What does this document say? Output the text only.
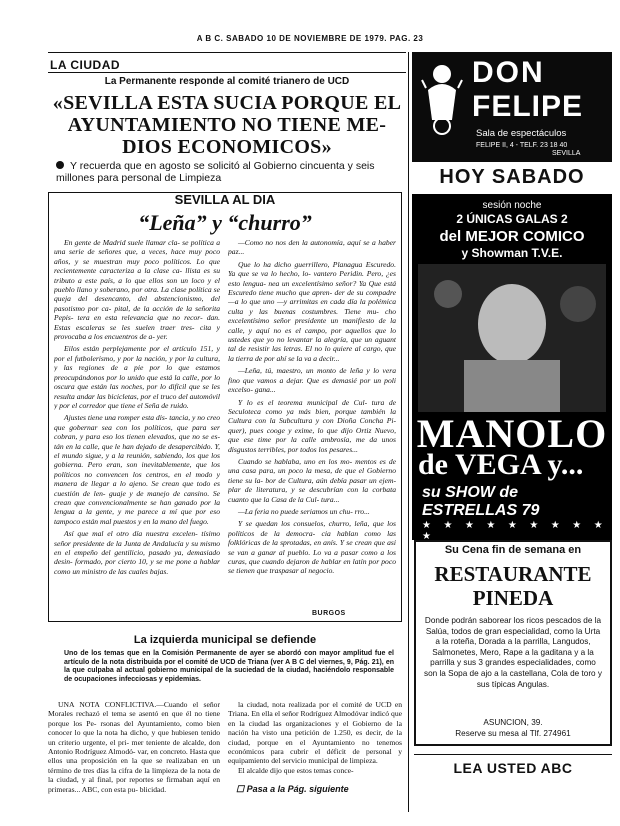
A B C. SABADO 10 DE NOVIEMBRE DE 1979. PAG. 23
LA CIUDAD
La Permanente responde al comité trianero de UCD
«SEVILLA ESTA SUCIA PORQUE EL
AYUNTAMIENTO NO TIENE ME-
DIOS ECONOMICOS»
Y recuerda que en agosto se solicitó al Gobierno cincuenta y seis millones para personal de Limpieza
SEVILLA AL DIA
“Leña” y “churro”

En gente de Madrid suele llamar cla- se política a una serie de señores que, a veces, hace muy poco años, y se muestran muy poco políticos. Lo que recientemente caracteriza a la clase ca- llista es su tributo a este país, a lo que ellos son un loco y el pueblo llano y soberano, por otra. La clase política se queja del desencanto, del abstencionismo, del pasotismo por ca- pital, de la acción de la señorita Pepis- tera en esta relevancia que no recor- dan. Estas escaleras se les suelen traer tres- cita y provocaba a los encuentros de a- yer.

Eilos están perplejamente por el artículo 151, y por el futbolerismo, y por la nación, y por la cultura, y las regiones de a pie por lo que estamos preocupándonos por lo unido que está la calle, por lo oscura que están las noches, por lo difícil que se les resulta andar las bicicletas, por el truco del automóvil y por el corredor que tiene el Seña de ruido.

Ajustes tiene una romper esta dis- tancia, y no creo que gobernar sea con los políticos, que para ser cobran, y para eso los tienen elevados, que no se es- tán en la calle, que le han dejado de desapercibido. Y, el mundo sigue, y a la reunión, sabiendo, los que los gobierna. Pero eran, son inevitablemente, que los políticos no convencen los centros, en el modo y manera de llegar a lo ajeno. Se crean que todo es cuestión de len- guaje y de manejo de cansino. Se crean que convencionalmente se han ganado por la lengua a la gente, y me parece a mí que por eso tampoco están mal puestos y en la mano del fuego.

Así que mal el otro día nuestra excelen- tísimo señor presidente de la Junta de Andalucía y su mismo en el empeño del gentilicio, pasado ya, demasiado desin- formado, por cierto 10, y se me pone a hablar como un ministro de las cuales bajas.

—Como no nos den la autonomía, aquí se a haber paz...

Que lo ha dicho guerrillero, Planagua Escuredo. Ya que se va lo hecho, lo- vantero Peridin. Pero, ¿es esto lengua- nea un excelentísimo señor? Ya Que está Escuredo tiene mucho que apren- der de su compadre —a lo que uno —y arrimitas en cada día la polémica culta y las buenas costumbres. Tiene mu- cho excelentísimo señor presidente un manifiesto de la calle, y aquí no es el campo, por aquellos que lo ustedes que yo no levantar la alegría, que un aguant tal de resistir las letras. El no lo quiere al cargo, que la tierra de por ahí se la va a decir...

—Leña, tú, maestro, un monto de leña y lo vera fino que vamos a dejar. Que es demasié por un poli excelso- gana...

Y lo es el teorema municipal de Cul- tura de Seculoteca como ya más bien, porque también la Cultura con la Subcultura y con Dioña Concha Pi- quer), pues cooge y exime, lo que dijo Ortiz Nuevo, que ese time por la calle ambrosía, me da unos disgustos terribles, por todos los pesares...

Cuando se hablaba, uno en los mo- mentos es de una casa para, un poco la mesa, de que el Gobierno tiene su la- bor de Cultura, aún debía pasar un ejem- plar de literatura, y se descubrían con la corbata cuanto que la Casa de la Cul- tura...

—La feria no puede seriamos un chu- rro...

Y se quedan los consuelos, churro, leña, que los políticos de la democra- cia hablan como las folklóricas de la sprotadas, en anís. Y se crean que así se van a ganar al pueblo. Lo va a pasar como a los curas, que cuando dejaron de hablar en latín por poco se tienen que traspasar al negocio.

BURGOS
La izquierda municipal se defiende
Uno de los temas que en la Comisión Permanente de ayer se abordó con mayor amplitud fue el artículo de la nota distribuida por el comité de UCD de Triana (ver A B C del viernes, 9, Pág. 21), en la que culpaba al actual gobierno municipal de la suciedad de la ciudad, haciéndolo responsable de ocupaciones infecciosas y epidemias.

UNA NOTA CONFLICTIVA.—Cuando el señor Morales rechazó el tema se asentó en que él no tiene porque los Pe- rsonas del Ayuntamiento, como bien conocer lo que la nota ha dicho, y que hubiesen tenido un criterio urgente, el pri- mer teniente de alcalde, don Antonio Rodríguez Almodó- var, en concreto. Hasta que ellos una proposición en la que se realizaban en un término de tres días la cifra de la limpieza de la nota de la ciudad, y al final, por reportes se firmaban aquí en primeras... ABC, con esta pu- blicidad.

la ciudad, nota realizada por el comité de UCD en Triana. En ella el señor Rodríguez Almodóvar indicó que en la ciudad las organizaciones y el Gobierno de la nación ha visto una petición de 1.250, es decir, de la ciudad, porque en el Ayuntamiento no tenemos económicos para cubrir el déficit de personal y equipamiento del servicio municipal de limpieza.

El alcalde dijo que estos temas conce-

☐ Pasa a la Pág. siguiente
DON
FELIPE
Sala de espectáculos
FELIPE II, 4 - TELF. 23 18 40
SEVILLA
HOY SABADO
sesión noche
2 ÚNICAS GALAS 2
del MEJOR COMICO
y Showman T.V.E.
MANOLO
de VEGA y...
su SHOW de ESTRELLAS 79
★ ★ ★ ★ ★ ★ ★ ★ ★ ★
Su Cena fin de semana en
RESTAURANTE
PINEDA
Donde podrán saborear los ricos pescados de la Salúa, todos de gran especialidad, como la Urta a la roteña, Dorada a la parrilla, Langudos, Salmonetes, Mero, Rape a la gaditana y a la parrilla y sus 3 grandes especialidades, como son la Sopa de ajo a la castellana, Cola de toro y sus típicas Angulas.
ASUNCION, 39.
Reserve su mesa al Tlf. 274961
LEA USTED ABC
